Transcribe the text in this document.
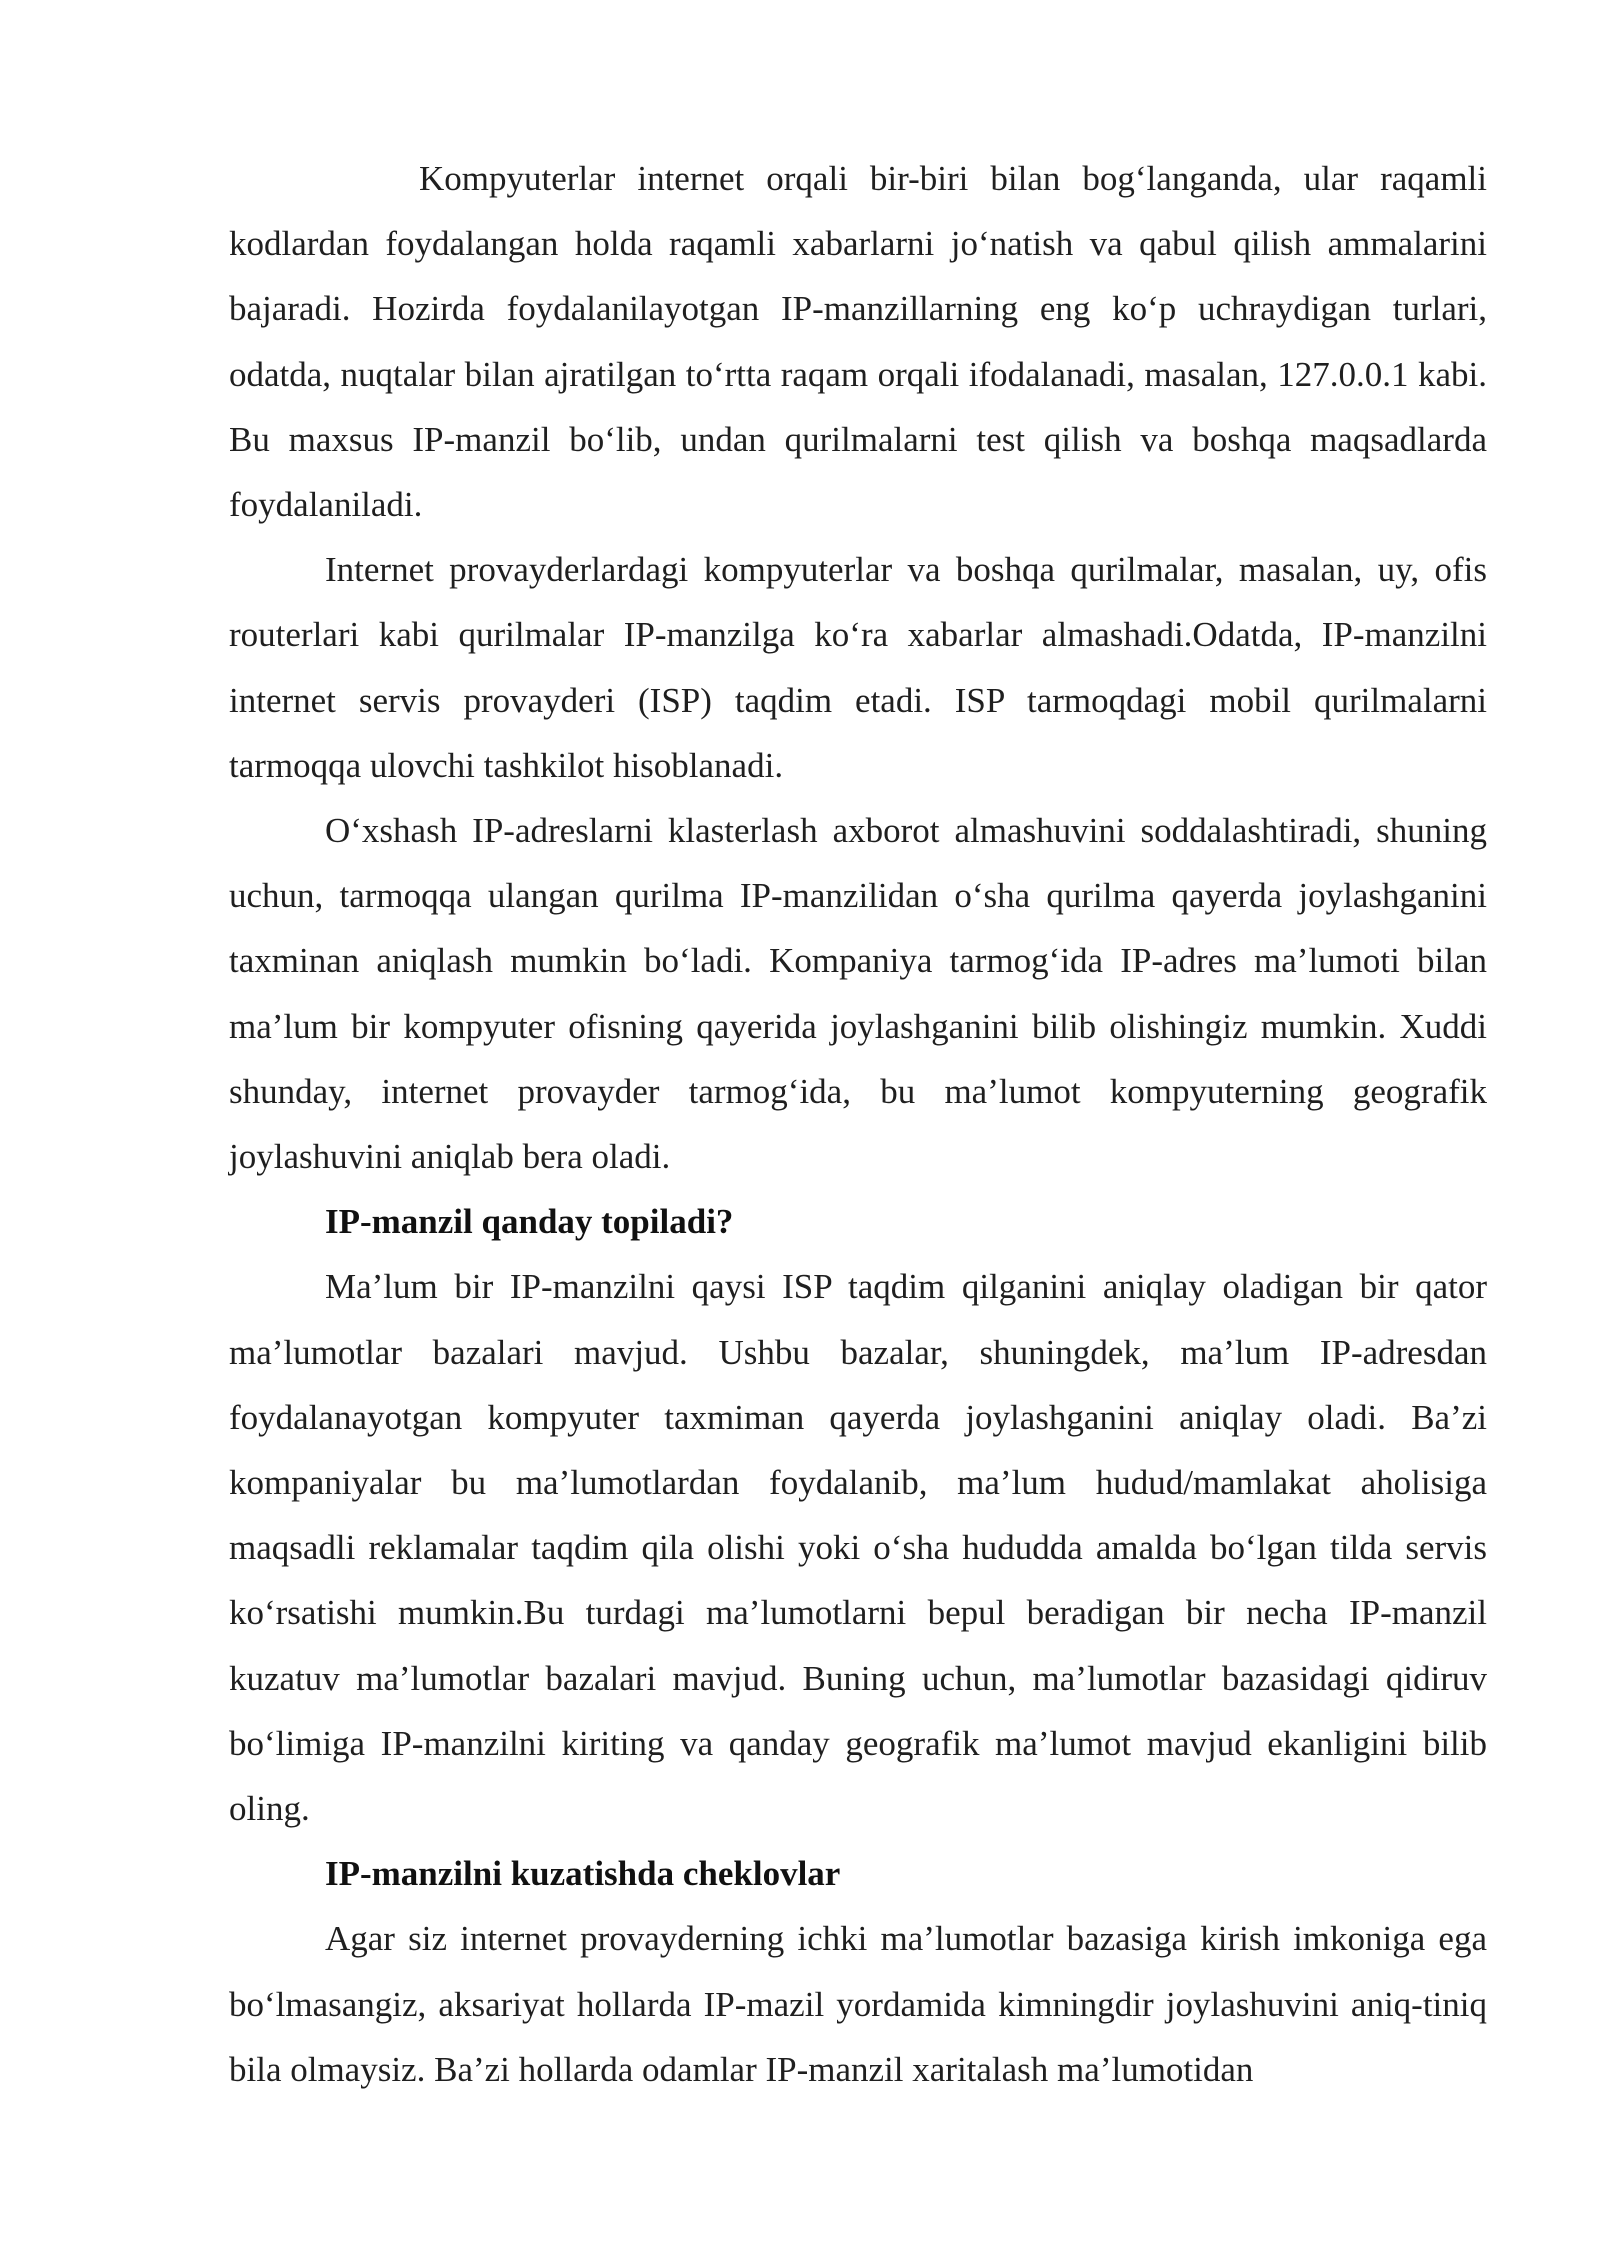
Kompyuterlar internet orqali bir-biri bilan bog‘langanda, ular raqamli kodlardan foydalangan holda raqamli xabarlarni jo‘natish va qabul qilish ammalarini bajaradi. Hozirda foydalanilayotgan IP-manzillarning eng ko‘p uchraydigan turlari, odatda, nuqtalar bilan ajratilgan to‘rtta raqam orqali ifodalanadi, masalan, 127.0.0.1 kabi. Bu maxsus IP-manzil bo‘lib, undan qurilmalarni test qilish va boshqa maqsadlarda foydalaniladi.

Internet provayderlardagi kompyuterlar va boshqa qurilmalar, masalan, uy, ofis routerlari kabi qurilmalar IP-manzilga ko‘ra xabarlar almashadi.Odatda, IP-manzilni internet servis provayderi (ISP) taqdim etadi. ISP tarmoqdagi mobil qurilmalarni tarmoqqa ulovchi tashkilot hisoblanadi.

O‘xshash IP-adreslarni klasterlash axborot almashuvini soddalashtiradi, shuning uchun, tarmoqqa ulangan qurilma IP-manzilidan o‘sha qurilma qayerda joylashganini taxminan aniqlash mumkin bo‘ladi. Kompaniya tarmog‘ida IP-adres ma’lumoti bilan ma’lum bir kompyuter ofisning qayerida joylashganini bilib olishingiz mumkin. Xuddi shunday, internet provayder tarmog‘ida, bu ma’lumot kompyuterning geografik joylashuvini aniqlab bera oladi.

IP-manzil qanday topiladi?

Ma’lum bir IP-manzilni qaysi ISP taqdim qilganini aniqlay oladigan bir qator ma’lumotlar bazalari mavjud. Ushbu bazalar, shuningdek, ma’lum IP-adresdan foydalanayotgan kompyuter taxmiman qayerda joylashganini aniqlay oladi. Ba’zi kompaniyalar bu ma’lumotlardan foydalanib, ma’lum hudud/mamlakat aholisiga maqsadli reklamalar taqdim qila olishi yoki o‘sha hududda amalda bo‘lgan tilda servis ko‘rsatishi mumkin.Bu turdagi ma’lumotlarni bepul beradigan bir necha IP-manzil kuzatuv ma’lumotlar bazalari mavjud. Buning uchun, ma’lumotlar bazasidagi qidiruv bo‘limiga IP-manzilni kiriting va qanday geografik ma’lumot mavjud ekanligini bilib oling.

IP-manzilni kuzatishda cheklovlar

Agar siz internet provayderning ichki ma’lumotlar bazasiga kirish imkoniga ega bo‘lmasangiz, aksariyat hollarda IP-mazil yordamida kimningdir joylashuvini aniq-tiniq bila olmaysiz. Ba’zi hollarda odamlar IP-manzil xaritalash ma’lumotidan
